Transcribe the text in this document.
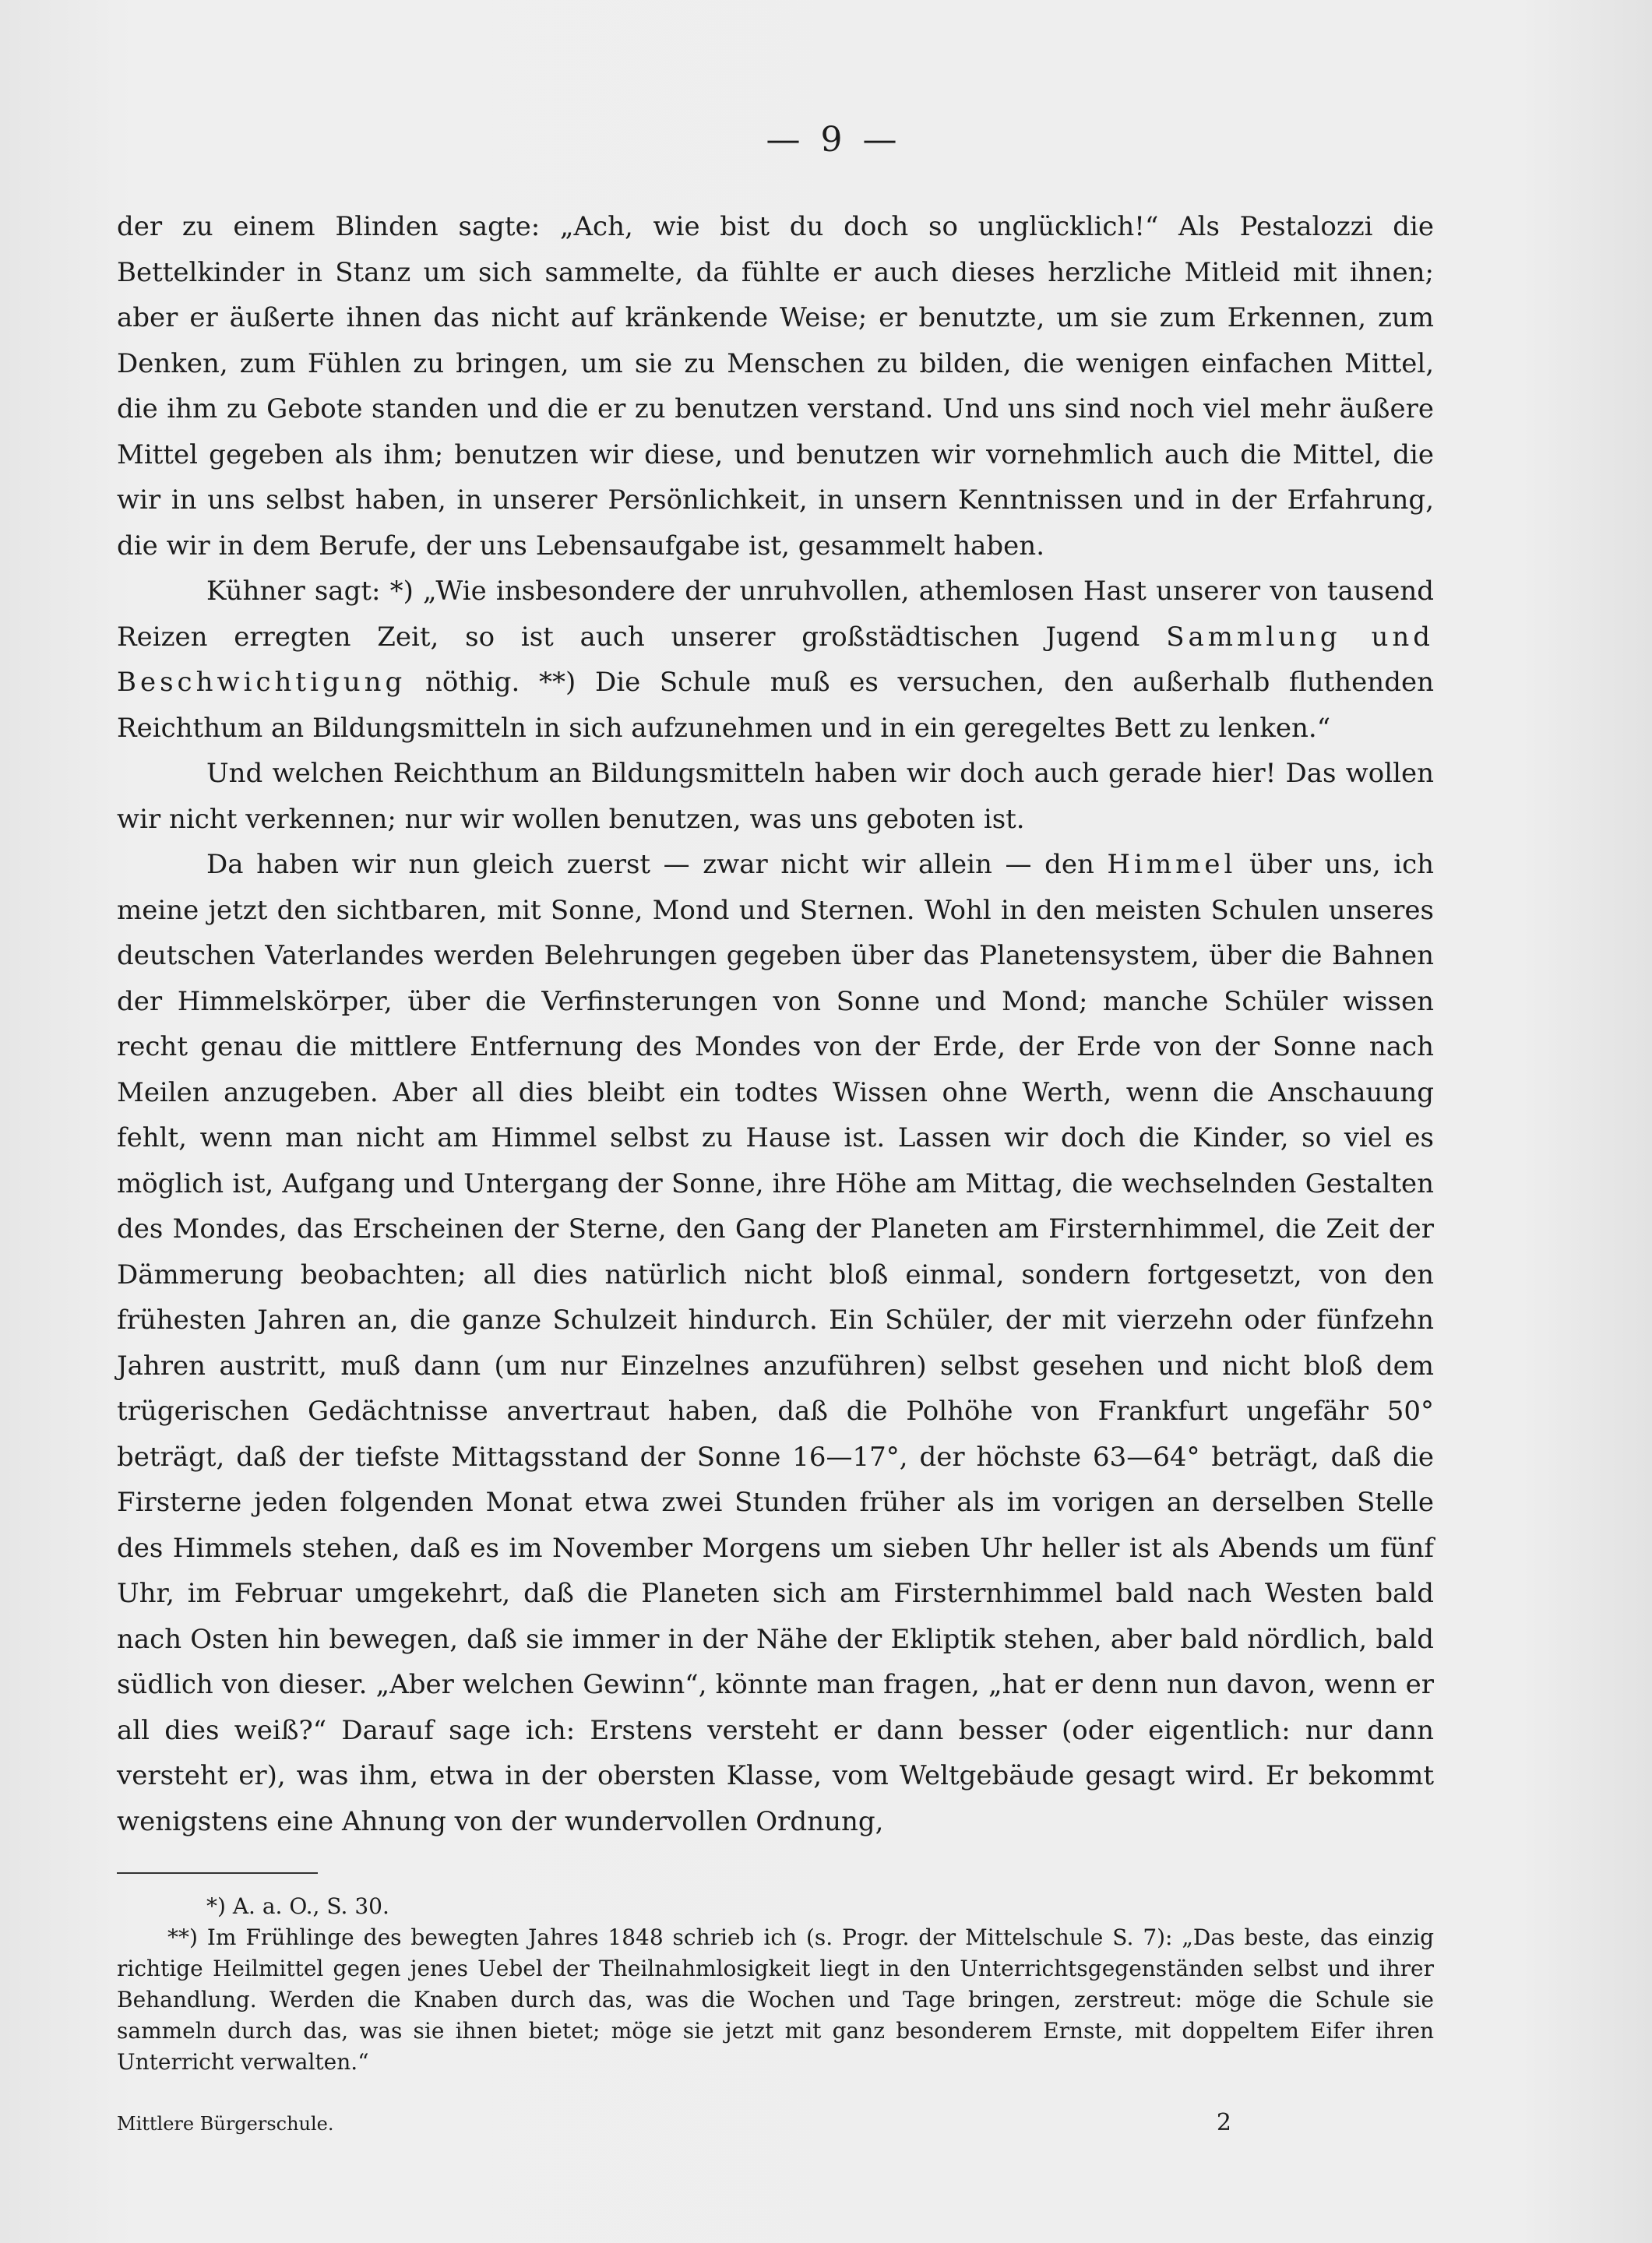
— 9 —

der zu einem Blinden sagte: „Ach, wie bist du doch so unglücklich!“ Als Pestalozzi die Bettelkinder in Stanz um sich sammelte, da fühlte er auch dieses herzliche Mitleid mit ihnen; aber er äußerte ihnen das nicht auf kränkende Weise; er benutzte, um sie zum Erkennen, zum Denken, zum Fühlen zu bringen, um sie zu Menschen zu bilden, die wenigen einfachen Mittel, die ihm zu Gebote standen und die er zu benutzen verstand. Und uns sind noch viel mehr äußere Mittel gegeben als ihm; benutzen wir diese, und benutzen wir vornehmlich auch die Mittel, die wir in uns selbst haben, in unserer Persönlichkeit, in unsern Kenntnissen und in der Erfahrung, die wir in dem Berufe, der uns Lebensaufgabe ist, gesammelt haben.

Kühner sagt: *) „Wie insbesondere der unruhvollen, athemlosen Hast unserer von tausend Reizen erregten Zeit, so ist auch unserer großstädtischen Jugend Sammlung und Beschwichtigung nöthig. **) Die Schule muß es versuchen, den außerhalb fluthenden Reichthum an Bildungsmitteln in sich aufzunehmen und in ein geregeltes Bett zu lenken.“

Und welchen Reichthum an Bildungsmitteln haben wir doch auch gerade hier! Das wollen wir nicht verkennen; nur wir wollen benutzen, was uns geboten ist.

Da haben wir nun gleich zuerst — zwar nicht wir allein — den Himmel über uns, ich meine jetzt den sichtbaren, mit Sonne, Mond und Sternen. Wohl in den meisten Schulen unseres deutschen Vaterlandes werden Belehrungen gegeben über das Planetensystem, über die Bahnen der Himmelskörper, über die Verfinsterungen von Sonne und Mond; manche Schüler wissen recht genau die mittlere Entfernung des Mondes von der Erde, der Erde von der Sonne nach Meilen anzugeben. Aber all dies bleibt ein todtes Wissen ohne Werth, wenn die Anschauung fehlt, wenn man nicht am Himmel selbst zu Hause ist. Lassen wir doch die Kinder, so viel es möglich ist, Aufgang und Untergang der Sonne, ihre Höhe am Mittag, die wechselnden Gestalten des Mondes, das Erscheinen der Sterne, den Gang der Planeten am Firsternhimmel, die Zeit der Dämmerung beobachten; all dies natürlich nicht bloß einmal, sondern fortgesetzt, von den frühesten Jahren an, die ganze Schulzeit hindurch. Ein Schüler, der mit vierzehn oder fünfzehn Jahren austritt, muß dann (um nur Einzelnes anzuführen) selbst gesehen und nicht bloß dem trügerischen Gedächtnisse anvertraut haben, daß die Polhöhe von Frankfurt ungefähr 50° beträgt, daß der tiefste Mittagsstand der Sonne 16—17°, der höchste 63—64° beträgt, daß die Firsterne jeden folgenden Monat etwa zwei Stunden früher als im vorigen an derselben Stelle des Himmels stehen, daß es im November Morgens um sieben Uhr heller ist als Abends um fünf Uhr, im Februar umgekehrt, daß die Planeten sich am Firsternhimmel bald nach Westen bald nach Osten hin bewegen, daß sie immer in der Nähe der Ekliptik stehen, aber bald nördlich, bald südlich von dieser. „Aber welchen Gewinn“, könnte man fragen, „hat er denn nun davon, wenn er all dies weiß?“ Darauf sage ich: Erstens versteht er dann besser (oder eigentlich: nur dann versteht er), was ihm, etwa in der obersten Klasse, vom Weltgebäude gesagt wird. Er bekommt wenigstens eine Ahnung von der wundervollen Ordnung,

*) A. a. O., S. 30.

**) Im Frühlinge des bewegten Jahres 1848 schrieb ich (s. Progr. der Mittelschule S. 7): „Das beste, das einzig richtige Heilmittel gegen jenes Uebel der Theilnahmlosigkeit liegt in den Unterrichtsgegenständen selbst und ihrer Behandlung. Werden die Knaben durch das, was die Wochen und Tage bringen, zerstreut: möge die Schule sie sammeln durch das, was sie ihnen bietet; möge sie jetzt mit ganz besonderem Ernste, mit doppeltem Eifer ihren Unterricht verwalten.“

Mittlere Bürgerschule.	2
